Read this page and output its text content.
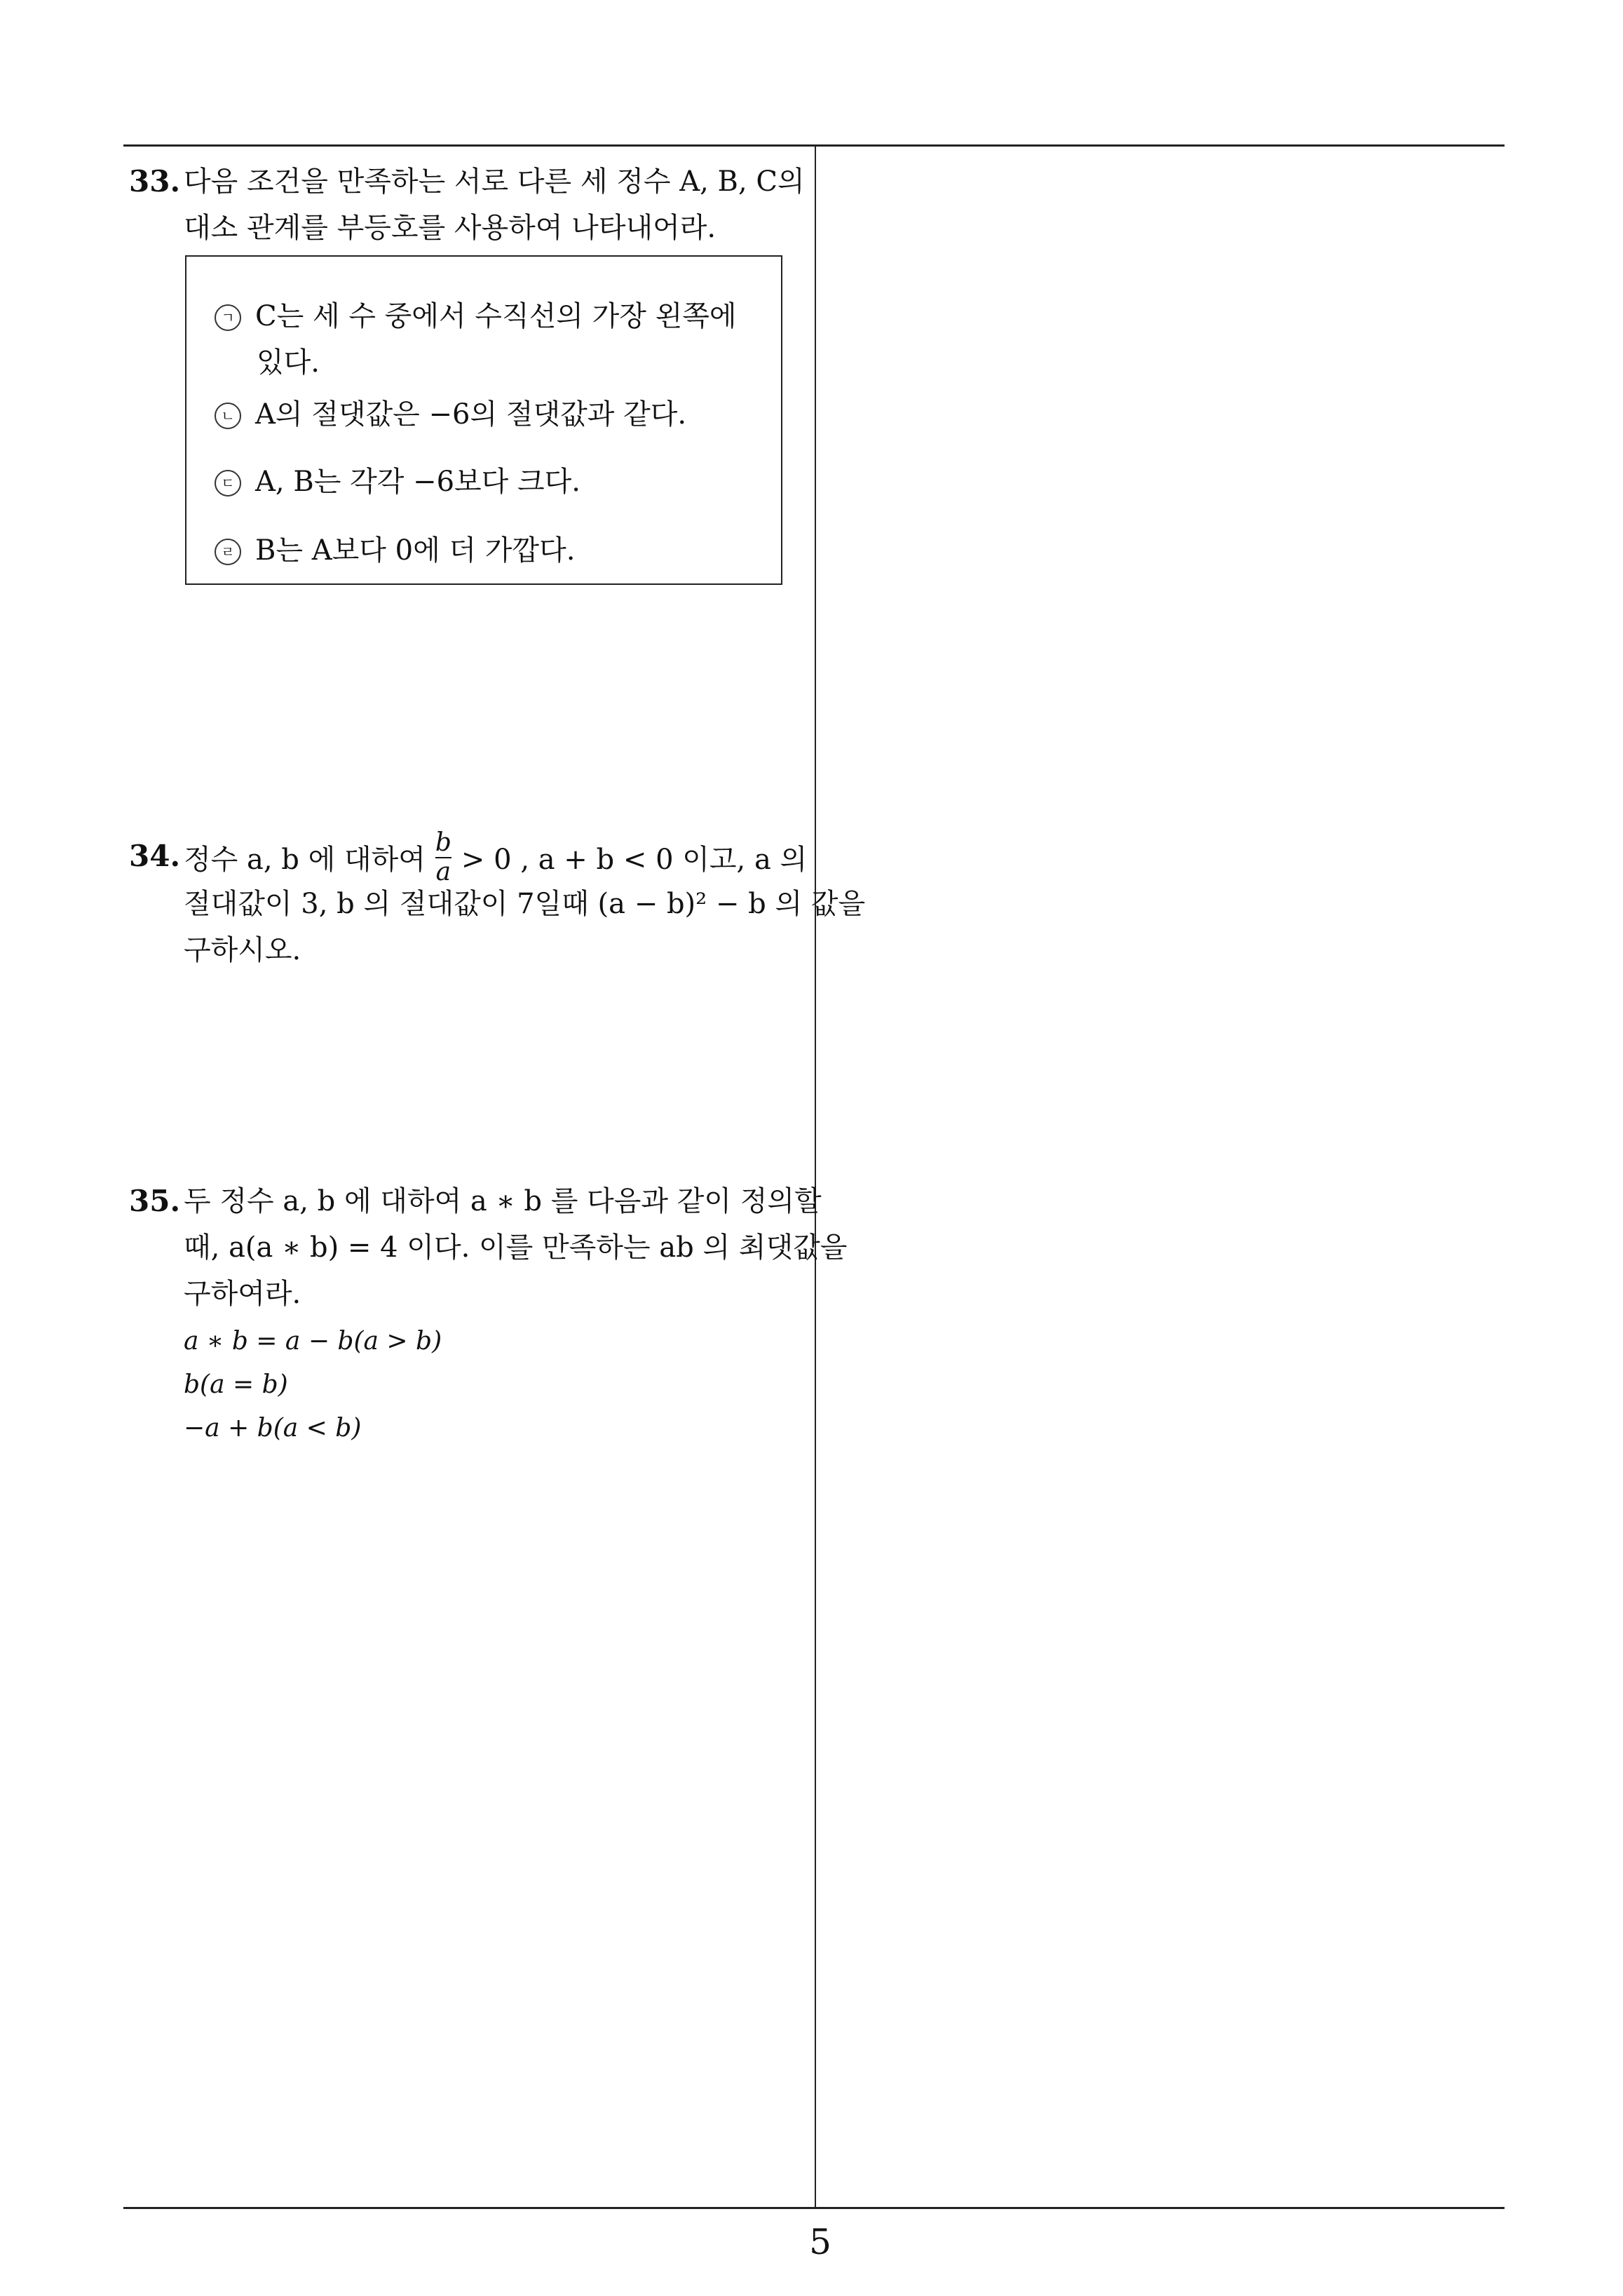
33. 다음 조건을 만족하는 서로 다른 세 정수 A, B, C의
대소 관계를 부등호를 사용하여 나타내어라.
ㄱ C는 세 수 중에서 수직선의 가장 왼쪽에
있다.
ㄴ A의 절댓값은 −6의 절댓값과 같다.
ㄷ A, B는 각각 −6보다 크다.
ㄹ B는 A보다 0에 더 가깝다.
34. 정수 a, b 에 대하여 $\frac{b}{a} > 0$ , a + b < 0 이고, a 의
절대값이 3, b 의 절대값이 7일때 (a − b)² − b 의 값을
구하시오.
35. 두 정수 a, b 에 대하여 a ∗ b 를 다음과 같이 정의할
때, a(a ∗ b) = 4 이다. 이를 만족하는 ab 의 최댓값을
구하여라.
a ∗ b = a − b(a > b)
b(a = b)
−a + b(a < b)
5
